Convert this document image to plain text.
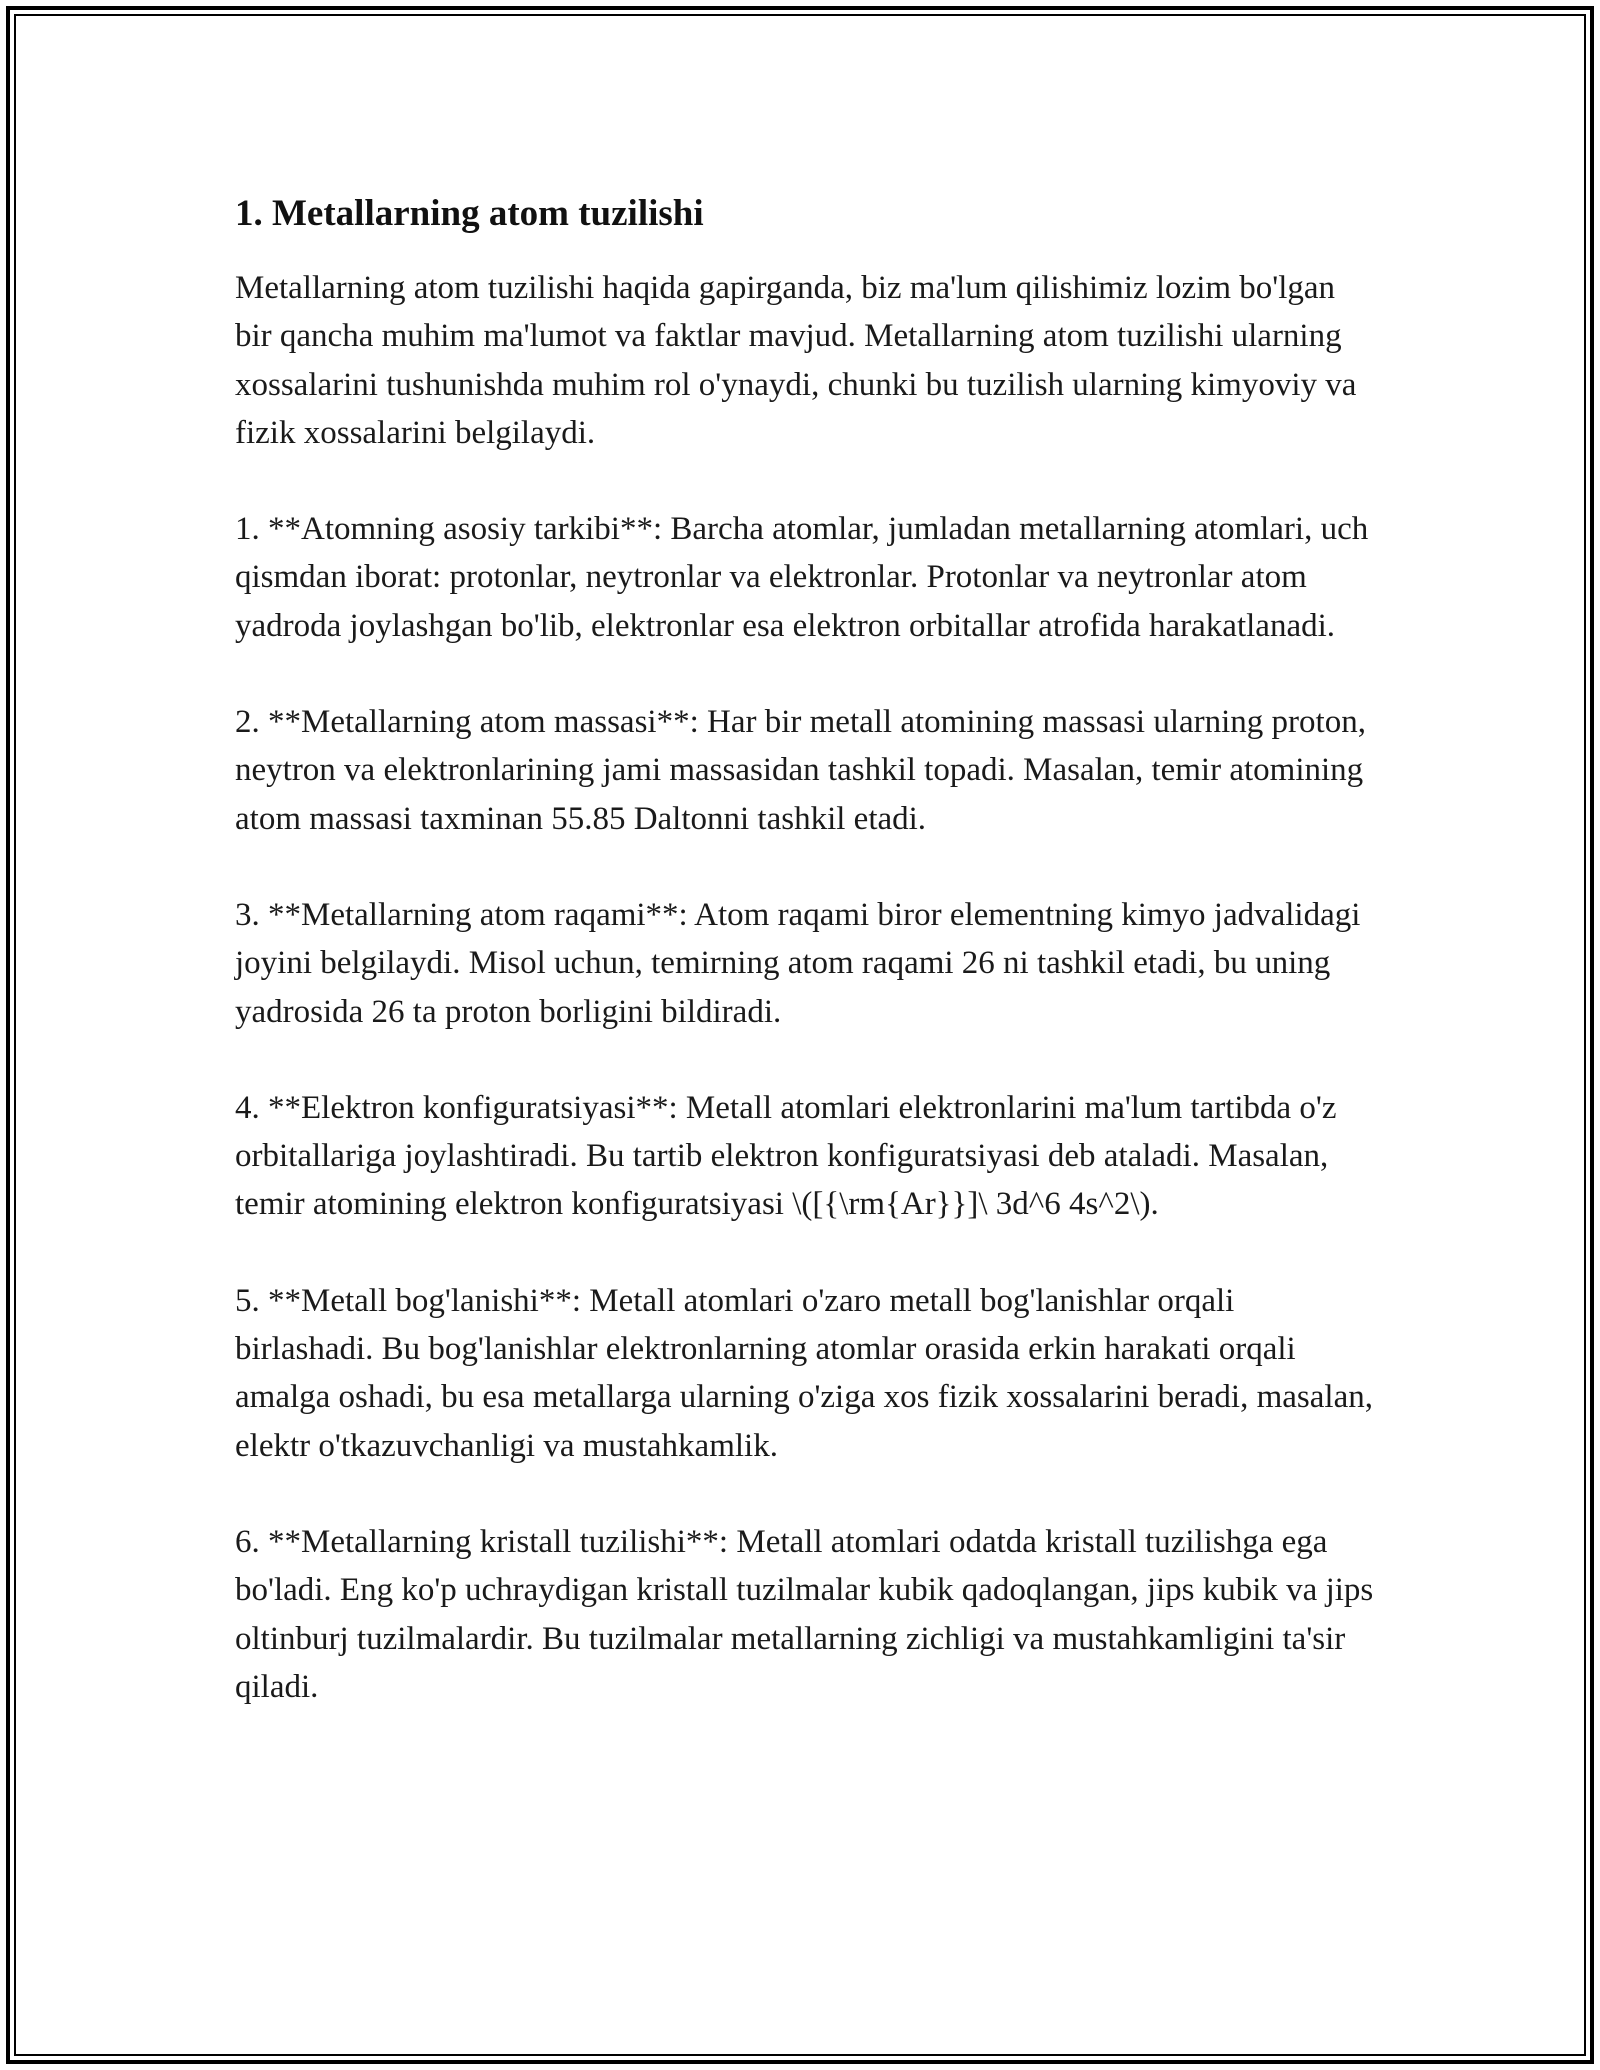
1. Metallarning atom tuzilishi

Metallarning atom tuzilishi haqida gapirganda, biz ma'lum qilishimiz lozim bo'lgan bir qancha muhim ma'lumot va faktlar mavjud. Metallarning atom tuzilishi ularning xossalarini tushunishda muhim rol o'ynaydi, chunki bu tuzilish ularning kimyoviy va fizik xossalarini belgilaydi.

1. **Atomning asosiy tarkibi**: Barcha atomlar, jumladan metallarning atomlari, uch qismdan iborat: protonlar, neytronlar va elektronlar. Protonlar va neytronlar atom yadroda joylashgan bo'lib, elektronlar esa elektron orbitallar atrofida harakatlanadi.

2. **Metallarning atom massasi**: Har bir metall atomining massasi ularning proton, neytron va elektronlarining jami massasidan tashkil topadi. Masalan, temir atomining atom massasi taxminan 55.85 Daltonni tashkil etadi.

3. **Metallarning atom raqami**: Atom raqami biror elementning kimyo jadvalidagi joyini belgilaydi. Misol uchun, temirning atom raqami 26 ni tashkil etadi, bu uning yadrosida 26 ta proton borligini bildiradi.

4. **Elektron konfiguratsiyasi**: Metall atomlari elektronlarini ma'lum tartibda o'z orbitallariga joylashtiradi. Bu tartib elektron konfiguratsiyasi deb ataladi. Masalan, temir atomining elektron konfiguratsiyasi \([{\rm{Ar}}]\ 3d^6 4s^2\).

5. **Metall bog'lanishi**: Metall atomlari o'zaro metall bog'lanishlar orqali birlashadi. Bu bog'lanishlar elektronlarning atomlar orasida erkin harakati orqali amalga oshadi, bu esa metallarga ularning o'ziga xos fizik xossalarini beradi, masalan, elektr o'tkazuvchanligi va mustahkamlik.

6. **Metallarning kristall tuzilishi**: Metall atomlari odatda kristall tuzilishga ega bo'ladi. Eng ko'p uchraydigan kristall tuzilmalar kubik qadoqlangan, jips kubik va jips oltinburj tuzilmalardir. Bu tuzilmalar metallarning zichligi va mustahkamligini ta'sir qiladi.
